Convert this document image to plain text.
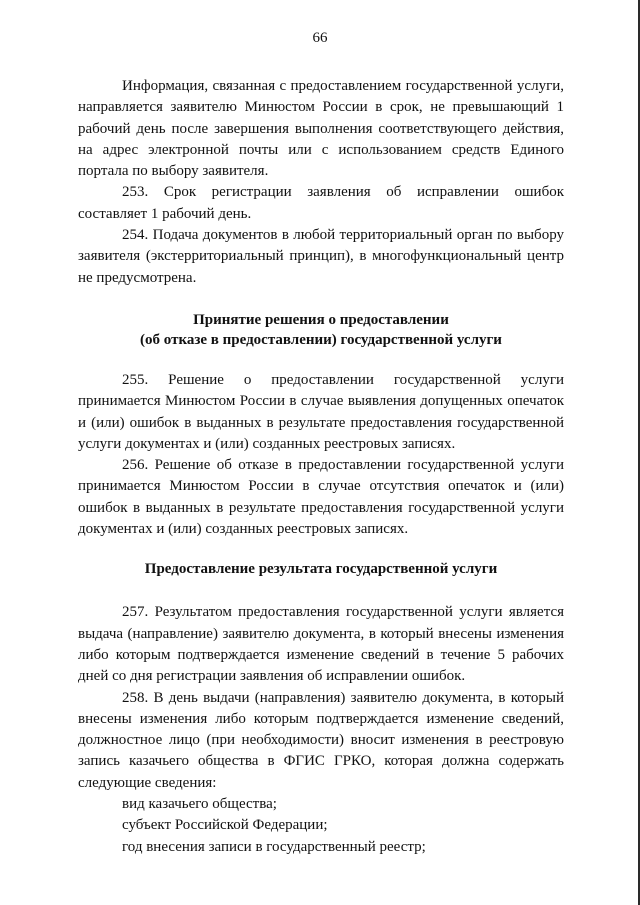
66

Информация, связанная с предоставлением государственной услуги, направляется заявителю Минюстом России в срок, не превышающий 1 рабочий день после завершения выполнения соответствующего действия, на адрес электронной почты или с использованием средств Единого портала по выбору заявителя.

253. Срок регистрации заявления об исправлении ошибок составляет 1 рабочий день.

254. Подача документов в любой территориальный орган по выбору заявителя (экстерриториальный принцип), в многофункциональный центр не предусмотрена.

Принятие решения о предоставлении
(об отказе в предоставлении) государственной услуги

255. Решение о предоставлении государственной услуги принимается Минюстом России в случае выявления допущенных опечаток и (или) ошибок в выданных в результате предоставления государственной услуги документах и (или) созданных реестровых записях.

256. Решение об отказе в предоставлении государственной услуги принимается Минюстом России в случае отсутствия опечаток и (или) ошибок в выданных в результате предоставления государственной услуги документах и (или) созданных реестровых записях.

Предоставление результата государственной услуги

257. Результатом предоставления государственной услуги является выдача (направление) заявителю документа, в который внесены изменения либо которым подтверждается изменение сведений в течение 5 рабочих дней со дня регистрации заявления об исправлении ошибок.

258. В день выдачи (направления) заявителю документа, в который внесены изменения либо которым подтверждается изменение сведений, должностное лицо (при необходимости) вносит изменения в реестровую запись казачьего общества в ФГИС ГРКО, которая должна содержать следующие сведения:

вид казачьего общества;

субъект Российской Федерации;

год внесения записи в государственный реестр;
